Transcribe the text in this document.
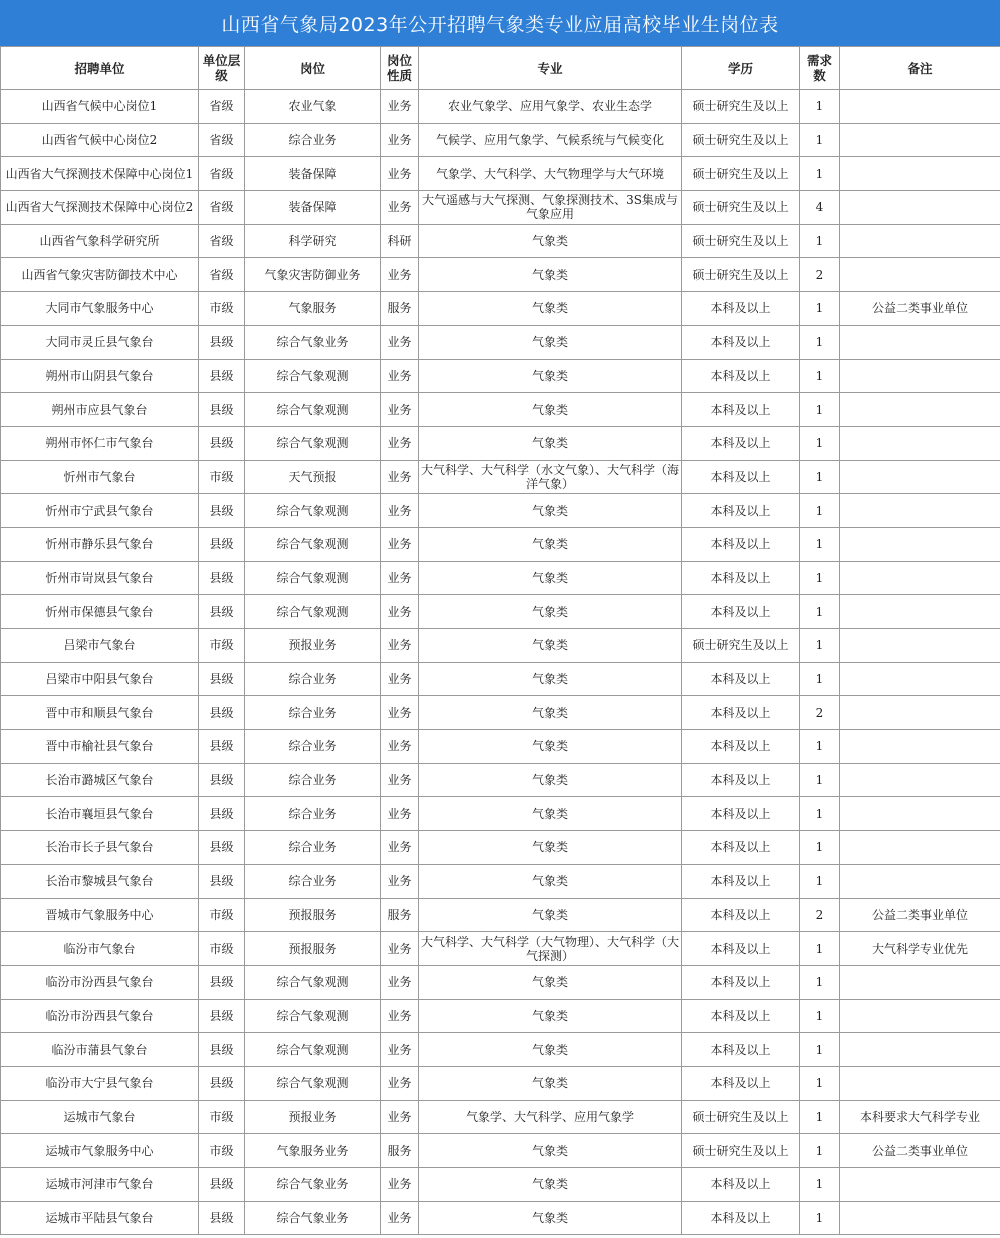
山西省气象局2023年公开招聘气象类专业应届高校毕业生岗位表
招聘单位	单位层级	岗位	岗位性质	专业	学历	需求数	备注
山西省气候中心岗位1	省级	农业气象	业务	农业气象学、应用气象学、农业生态学	硕士研究生及以上	1	
山西省气候中心岗位2	省级	综合业务	业务	气候学、应用气象学、气候系统与气候变化	硕士研究生及以上	1	
山西省大气探测技术保障中心岗位1	省级	装备保障	业务	气象学、大气科学、大气物理学与大气环境	硕士研究生及以上	1	
山西省大气探测技术保障中心岗位2	省级	装备保障	业务	大气遥感与大气探测、气象探测技术、3S集成与气象应用	硕士研究生及以上	4	
山西省气象科学研究所	省级	科学研究	科研	气象类	硕士研究生及以上	1	
山西省气象灾害防御技术中心	省级	气象灾害防御业务	业务	气象类	硕士研究生及以上	2	
大同市气象服务中心	市级	气象服务	服务	气象类	本科及以上	1	公益二类事业单位
大同市灵丘县气象台	县级	综合气象业务	业务	气象类	本科及以上	1	
朔州市山阴县气象台	县级	综合气象观测	业务	气象类	本科及以上	1	
朔州市应县气象台	县级	综合气象观测	业务	气象类	本科及以上	1	
朔州市怀仁市气象台	县级	综合气象观测	业务	气象类	本科及以上	1	
忻州市气象台	市级	天气预报	业务	大气科学、大气科学（水文气象）、大气科学（海洋气象）	本科及以上	1	
忻州市宁武县气象台	县级	综合气象观测	业务	气象类	本科及以上	1	
忻州市静乐县气象台	县级	综合气象观测	业务	气象类	本科及以上	1	
忻州市岢岚县气象台	县级	综合气象观测	业务	气象类	本科及以上	1	
忻州市保德县气象台	县级	综合气象观测	业务	气象类	本科及以上	1	
吕梁市气象台	市级	预报业务	业务	气象类	硕士研究生及以上	1	
吕梁市中阳县气象台	县级	综合业务	业务	气象类	本科及以上	1	
晋中市和顺县气象台	县级	综合业务	业务	气象类	本科及以上	2	
晋中市榆社县气象台	县级	综合业务	业务	气象类	本科及以上	1	
长治市潞城区气象台	县级	综合业务	业务	气象类	本科及以上	1	
长治市襄垣县气象台	县级	综合业务	业务	气象类	本科及以上	1	
长治市长子县气象台	县级	综合业务	业务	气象类	本科及以上	1	
长治市黎城县气象台	县级	综合业务	业务	气象类	本科及以上	1	
晋城市气象服务中心	市级	预报服务	服务	气象类	本科及以上	2	公益二类事业单位
临汾市气象台	市级	预报服务	业务	大气科学、大气科学（大气物理）、大气科学（大气探测）	本科及以上	1	大气科学专业优先
临汾市汾西县气象台	县级	综合气象观测	业务	气象类	本科及以上	1	
临汾市汾西县气象台	县级	综合气象观测	业务	气象类	本科及以上	1	
临汾市蒲县气象台	县级	综合气象观测	业务	气象类	本科及以上	1	
临汾市大宁县气象台	县级	综合气象观测	业务	气象类	本科及以上	1	
运城市气象台	市级	预报业务	业务	气象学、大气科学、应用气象学	硕士研究生及以上	1	本科要求大气科学专业
运城市气象服务中心	市级	气象服务业务	服务	气象类	硕士研究生及以上	1	公益二类事业单位
运城市河津市气象台	县级	综合气象业务	业务	气象类	本科及以上	1	
运城市平陆县气象台	县级	综合气象业务	业务	气象类	本科及以上	1	
